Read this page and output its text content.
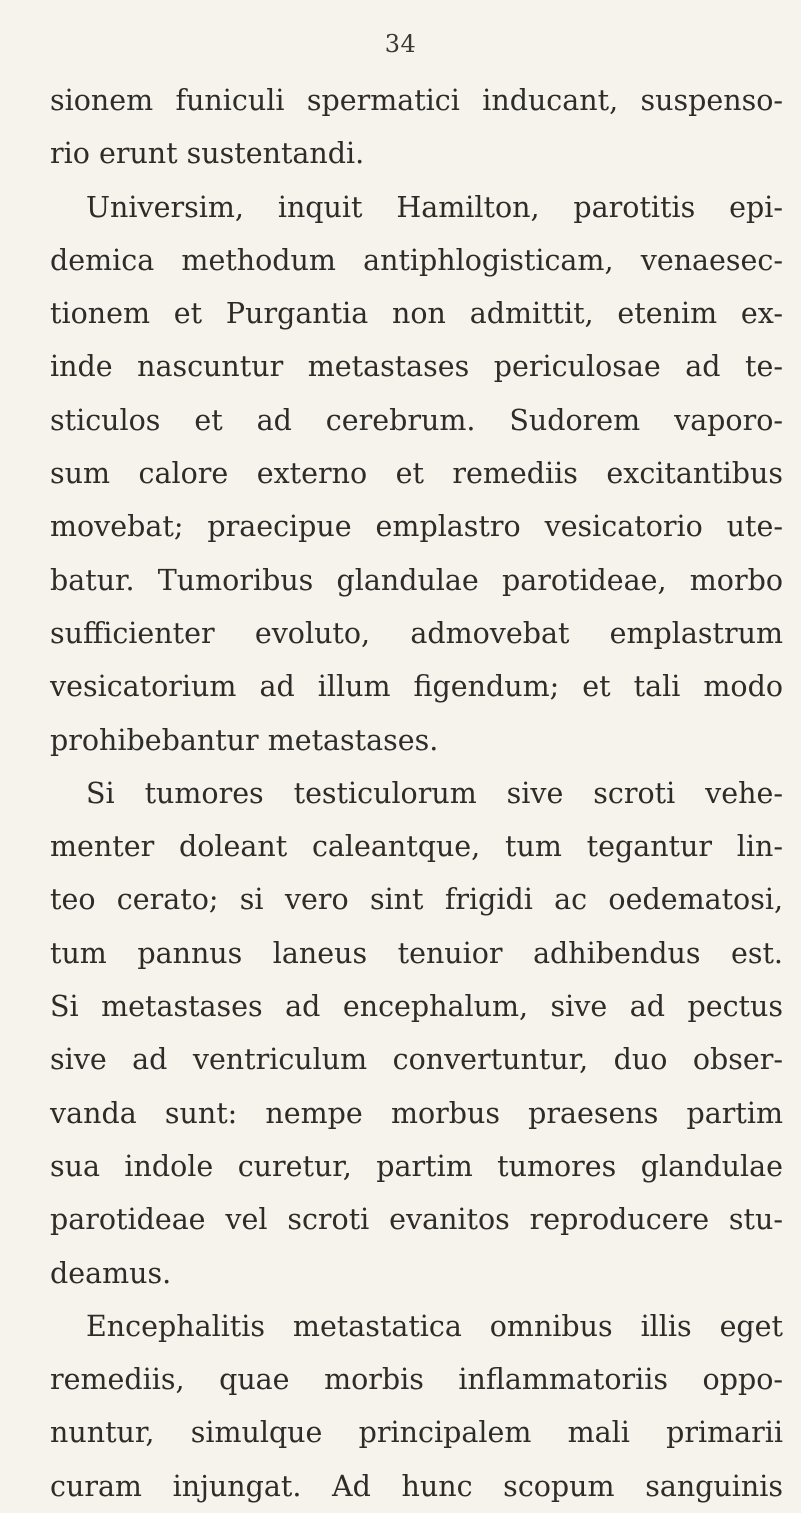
34
sionem funiculi spermatici inducant, suspenso-
rio erunt sustentandi.
Universim, inquit Hamilton, parotitis epi-
demica methodum antiphlogisticam, venaesec-
tionem et Purgantia non admittit, etenim ex-
inde nascuntur metastases periculosae ad te-
sticulos et ad cerebrum. Sudorem vaporo-
sum calore externo et remediis excitantibus
movebat; praecipue emplastro vesicatorio ute-
batur. Tumoribus glandulae parotideae, morbo
sufficienter evoluto, admovebat emplastrum
vesicatorium ad illum figendum; et tali modo
prohibebantur metastases.
Si tumores testiculorum sive scroti vehe-
menter doleant caleantque, tum tegantur lin-
teo cerato; si vero sint frigidi ac oedematosi,
tum pannus laneus tenuior adhibendus est.
Si metastases ad encephalum, sive ad pectus
sive ad ventriculum convertuntur, duo obser-
vanda sunt: nempe morbus praesens partim
sua indole curetur, partim tumores glandulae
parotideae vel scroti evanitos reproducere stu-
deamus.
Encephalitis metastatica omnibus illis eget
remediis, quae morbis inflammatoriis oppo-
nuntur, simulque principalem mali primarii
curam injungat. Ad hunc scopum sanguinis
